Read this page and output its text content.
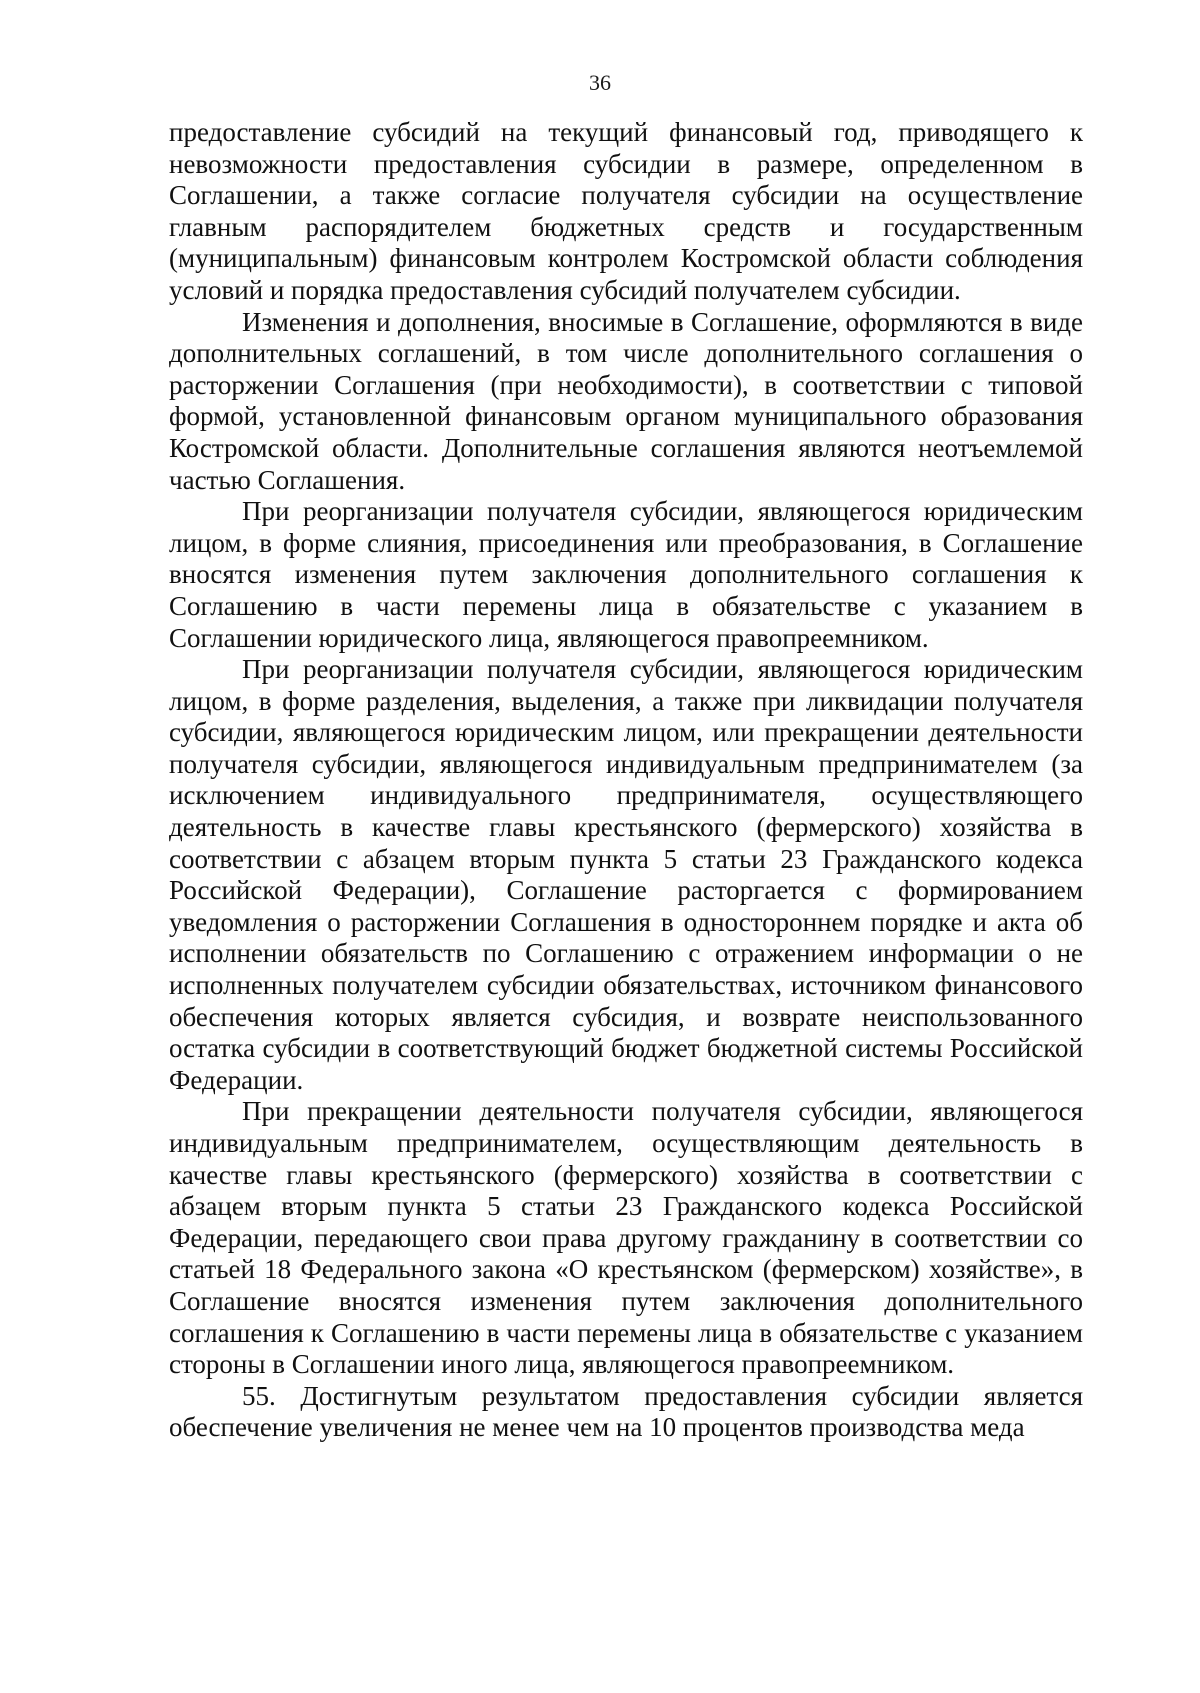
36

предоставление субсидий на текущий финансовый год, приводящего к невозможности предоставления субсидии в размере, определенном в Соглашении, а также согласие получателя субсидии на осуществление главным распорядителем бюджетных средств и государственным (муниципальным) финансовым контролем Костромской области соблюдения условий и порядка предоставления субсидий получателем субсидии.

Изменения и дополнения, вносимые в Соглашение, оформляются в виде дополнительных соглашений, в том числе дополнительного соглашения о расторжении Соглашения (при необходимости), в соответствии с типовой формой, установленной финансовым органом муниципального образования Костромской области. Дополнительные соглашения являются неотъемлемой частью Соглашения.

При реорганизации получателя субсидии, являющегося юридическим лицом, в форме слияния, присоединения или преобразования, в Соглашение вносятся изменения путем заключения дополнительного соглашения к Соглашению в части перемены лица в обязательстве с указанием в Соглашении юридического лица, являющегося правопреемником.

При реорганизации получателя субсидии, являющегося юридическим лицом, в форме разделения, выделения, а также при ликвидации получателя субсидии, являющегося юридическим лицом, или прекращении деятельности получателя субсидии, являющегося индивидуальным предпринимателем (за исключением индивидуального предпринимателя, осуществляющего деятельность в качестве главы крестьянского (фермерского) хозяйства в соответствии с абзацем вторым пункта 5 статьи 23 Гражданского кодекса Российской Федерации), Соглашение расторгается с формированием уведомления о расторжении Соглашения в одностороннем порядке и акта об исполнении обязательств по Соглашению с отражением информации о не исполненных получателем субсидии обязательствах, источником финансового обеспечения которых является субсидия, и возврате неиспользованного остатка субсидии в соответствующий бюджет бюджетной системы Российской Федерации.

При прекращении деятельности получателя субсидии, являющегося индивидуальным предпринимателем, осуществляющим деятельность в качестве главы крестьянского (фермерского) хозяйства в соответствии с абзацем вторым пункта 5 статьи 23 Гражданского кодекса Российской Федерации, передающего свои права другому гражданину в соответствии со статьей 18 Федерального закона «О крестьянском (фермерском) хозяйстве», в Соглашение вносятся изменения путем заключения дополнительного соглашения к Соглашению в части перемены лица в обязательстве с указанием стороны в Соглашении иного лица, являющегося правопреемником.

55. Достигнутым результатом предоставления субсидии является обеспечение увеличения не менее чем на 10 процентов производства меда
